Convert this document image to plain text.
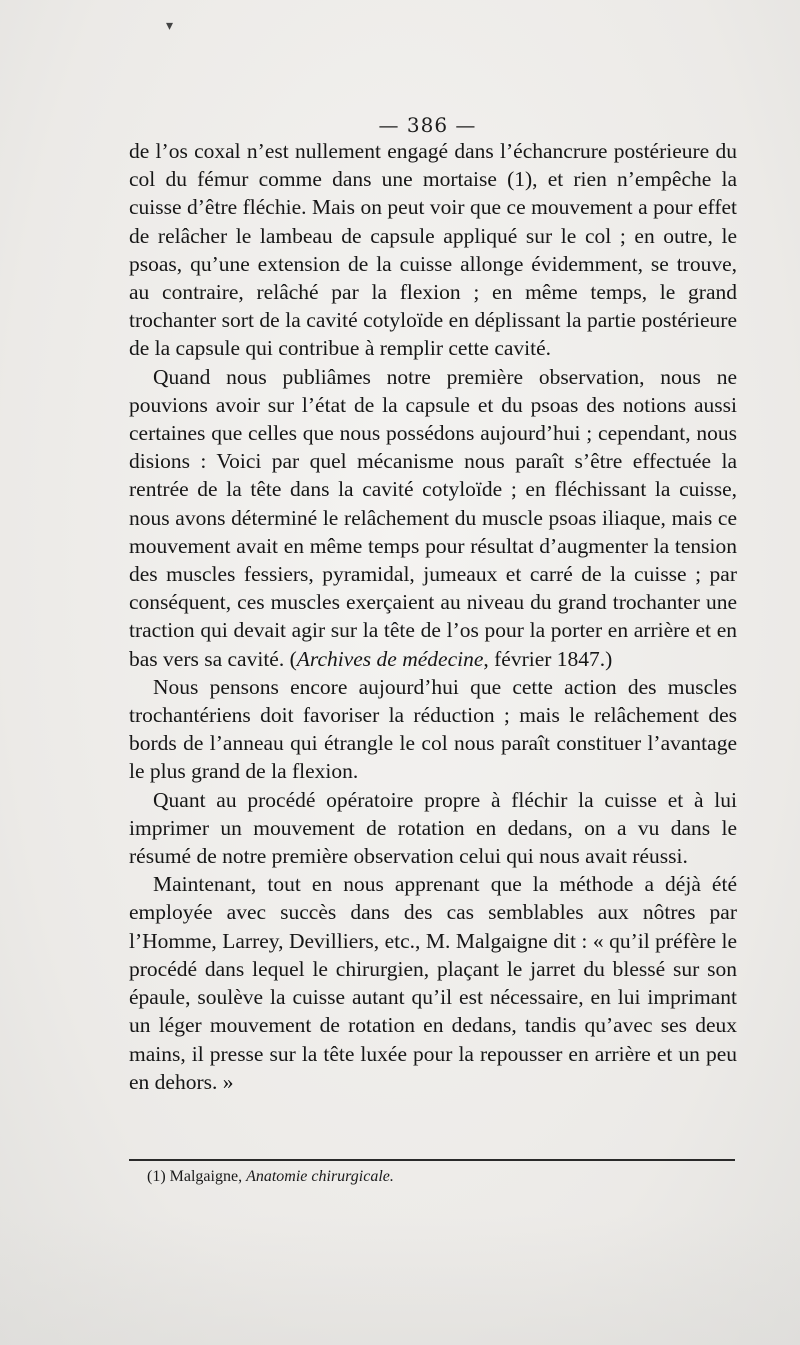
▾
— 386 —

de l’os coxal n’est nullement engagé dans l’échancrure postérieure du col du fémur comme dans une mortaise (1), et rien n’empêche la cuisse d’être fléchie. Mais on peut voir que ce mouvement a pour effet de relâcher le lambeau de capsule appliqué sur le col ; en outre, le psoas, qu’une extension de la cuisse allonge évidemment, se trouve, au contraire, relâché par la flexion ; en même temps, le grand trochanter sort de la cavité cotyloïde en déplissant la partie postérieure de la capsule qui contribue à remplir cette cavité.

Quand nous publiâmes notre première observation, nous ne pouvions avoir sur l’état de la capsule et du psoas des notions aussi certaines que celles que nous possédons aujourd’hui ; cependant, nous disions : Voici par quel mécanisme nous paraît s’être effectuée la rentrée de la tête dans la cavité cotyloïde ; en fléchissant la cuisse, nous avons déterminé le relâchement du muscle psoas iliaque, mais ce mouvement avait en même temps pour résultat d’augmenter la tension des muscles fessiers, pyramidal, jumeaux et carré de la cuisse ; par conséquent, ces muscles exerçaient au niveau du grand trochanter une traction qui devait agir sur la tête de l’os pour la porter en arrière et en bas vers sa cavité. (Archives de médecine, février 1847.)

Nous pensons encore aujourd’hui que cette action des muscles trochantériens doit favoriser la réduction ; mais le relâchement des bords de l’anneau qui étrangle le col nous paraît constituer l’avantage le plus grand de la flexion.

Quant au procédé opératoire propre à fléchir la cuisse et à lui imprimer un mouvement de rotation en dedans, on a vu dans le résumé de notre première observation celui qui nous avait réussi.

Maintenant, tout en nous apprenant que la méthode a déjà été employée avec succès dans des cas semblables aux nôtres par l’Homme, Larrey, Devilliers, etc., M. Malgaigne dit : « qu’il préfère le procédé dans lequel le chirurgien, plaçant le jarret du blessé sur son épaule, soulève la cuisse autant qu’il est nécessaire, en lui imprimant un léger mouvement de rotation en dedans, tandis qu’avec ses deux mains, il presse sur la tête luxée pour la repousser en arrière et un peu en dehors. »

(1) Malgaigne, Anatomie chirurgicale.
